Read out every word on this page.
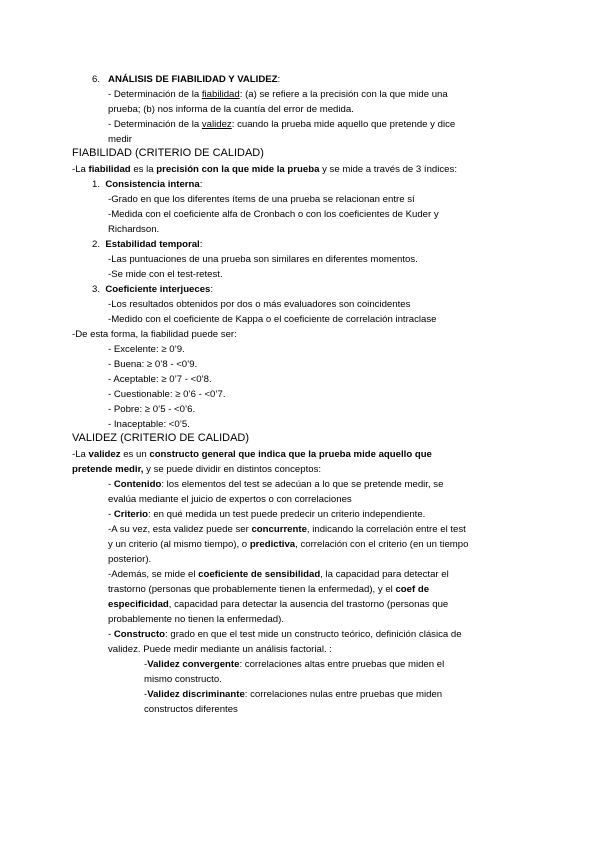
6. ANÁLISIS DE FIABILIDAD Y VALIDEZ:
- Determinación de la fiabilidad: (a) se refiere a la precisión con la que mide una
prueba; (b) nos informa de la cuantía del error de medida.
- Determinación de la validez: cuando la prueba mide aquello que pretende y dice
medir
FIABILIDAD (CRITERIO DE CALIDAD)
-La fiabilidad es la precisión con la que mide la prueba y se mide a través de 3 índices:
1. Consistencia interna:
-Grado en que los diferentes ítems de una prueba se relacionan entre sí
-Medida con el coeficiente alfa de Cronbach o con los coeficientes de Kuder y
Richardson.
2. Estabilidad temporal:
-Las puntuaciones de una prueba son similares en diferentes momentos.
-Se mide con el test-retest.
3. Coeficiente interjueces:
-Los resultados obtenidos por dos o más evaluadores son coincidentes
-Medido con el coeficiente de Kappa o el coeficiente de correlación intraclase
-De esta forma, la fiabilidad puede ser:
- Excelente: ≥ 0’9.
- Buena: ≥ 0’8 - <0’9.
- Aceptable: ≥ 0’7 - <0’8.
- Cuestionable: ≥ 0’6 - <0’7.
- Pobre: ≥ 0’5 - <0’6.
- Inaceptable: <0’5.
VALIDEZ (CRITERIO DE CALIDAD)
-La validez es un constructo general que indica que la prueba mide aquello que
pretende medir, y se puede dividir en distintos conceptos:
- Contenido: los elementos del test se adecúan a lo que se pretende medir, se
evalúa mediante el juicio de expertos o con correlaciones
- Criterio: en qué medida un test puede predecir un criterio independiente.
-A su vez, esta validez puede ser concurrente, indicando la correlación entre el test
y un criterio (al mismo tiempo), o predictiva, correlación con el criterio (en un tiempo
posterior).
-Además, se mide el coeficiente de sensibilidad, la capacidad para detectar el
trastorno (personas que probablemente tienen la enfermedad), y el coef de
especificidad, capacidad para detectar la ausencia del trastorno (personas que
probablemente no tienen la enfermedad).
- Constructo: grado en que el test mide un constructo teórico, definición clásica de
validez. Puede medir mediante un análisis factorial. :
-Validez convergente: correlaciones altas entre pruebas que miden el
mismo constructo.
-Validez discriminante: correlaciones nulas entre pruebas que miden
constructos diferentes
